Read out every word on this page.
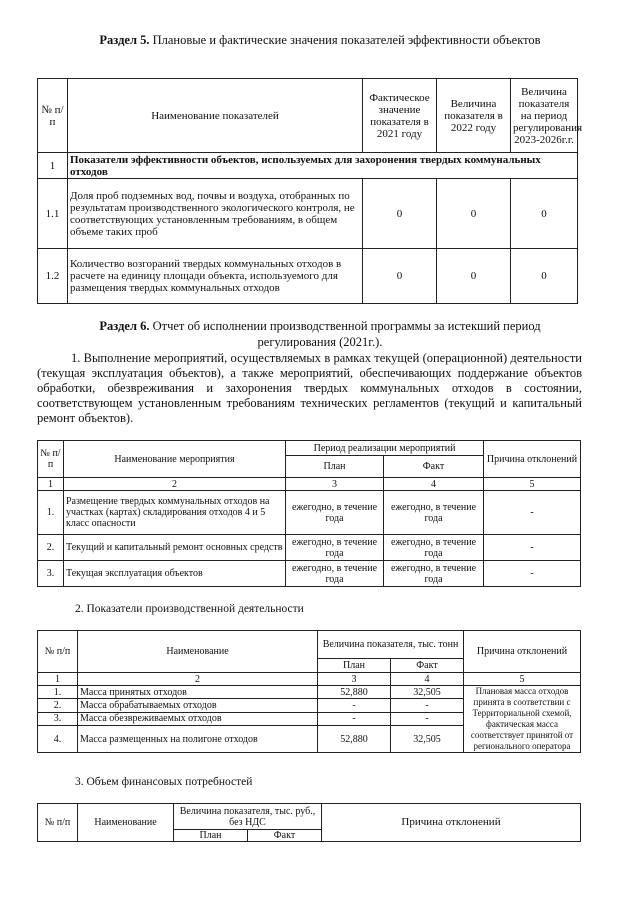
Раздел 5. Плановые и фактические значения показателей эффективности объектов
№ п/п	Наименование показателей	Фактическое значение показателя в 2021 году	Величина показателя в 2022 году	Величина показателя на период регулирования 2023-2026г.г.
1	Показатели эффективности объектов, используемых для захоронения твердых коммунальных отходов			
1.1	Доля проб подземных вод, почвы и воздуха, отобранных по результатам производственного экологического контроля, не соответствующих установленным требованиям, в общем объеме таких проб	0	0	0
1.2	Количество возгораний твердых коммунальных отходов в расчете на единицу площади объекта, используемого для размещения твердых коммунальных отходов	0	0	0
Раздел 6. Отчет об исполнении производственной программы за истекший период
регулирования (2021г.).
1. Выполнение мероприятий, осуществляемых в рамках текущей (операционной) деятельности (текущая эксплуатация объектов), а также мероприятий, обеспечивающих поддержание объектов обработки, обезвреживания и захоронения твердых коммунальных отходов в состоянии, соответствующем установленным требованиям технических регламентов (текущий и капитальный ремонт объектов).
№ п/ п	Наименование мероприятия	Период реализации мероприятий		Причина отклонений
		План	Факт	
1	2	3	4	5
1.	Размещение твердых коммунальных отходов на участках (картах) складирования отходов 4 и 5 класс опасности	ежегодно, в течение года	ежегодно, в течение года	-
2.	Текущий и капитальный ремонт основных средств	ежегодно, в течение года	ежегодно, в течение года	-
3.	Текущая эксплуатация объектов	ежегодно, в течение года	ежегодно, в течение года	-
2. Показатели производственной деятельности
№ п/п	Наименование	Величина показателя, тыс. тонн		Причина отклонений
		План	Факт	
1	2	3	4	5
1.	Масса принятых отходов	52,880	32,505	Плановая масса отходов принята в соответствии с Территориальной схемой, фактическая масса соответствует принятой от регионального оператора
2.	Масса обрабатываемых отходов	-	-	
3.	Масса обезвреживаемых отходов	-	-	
4.	Масса размещенных на полигоне отходов	52,880	32,505	
3. Объем финансовых потребностей
№ п/п	Наименование	Величина показателя, тыс. руб., без НДС		Причина отклонений
		План	Факт	
